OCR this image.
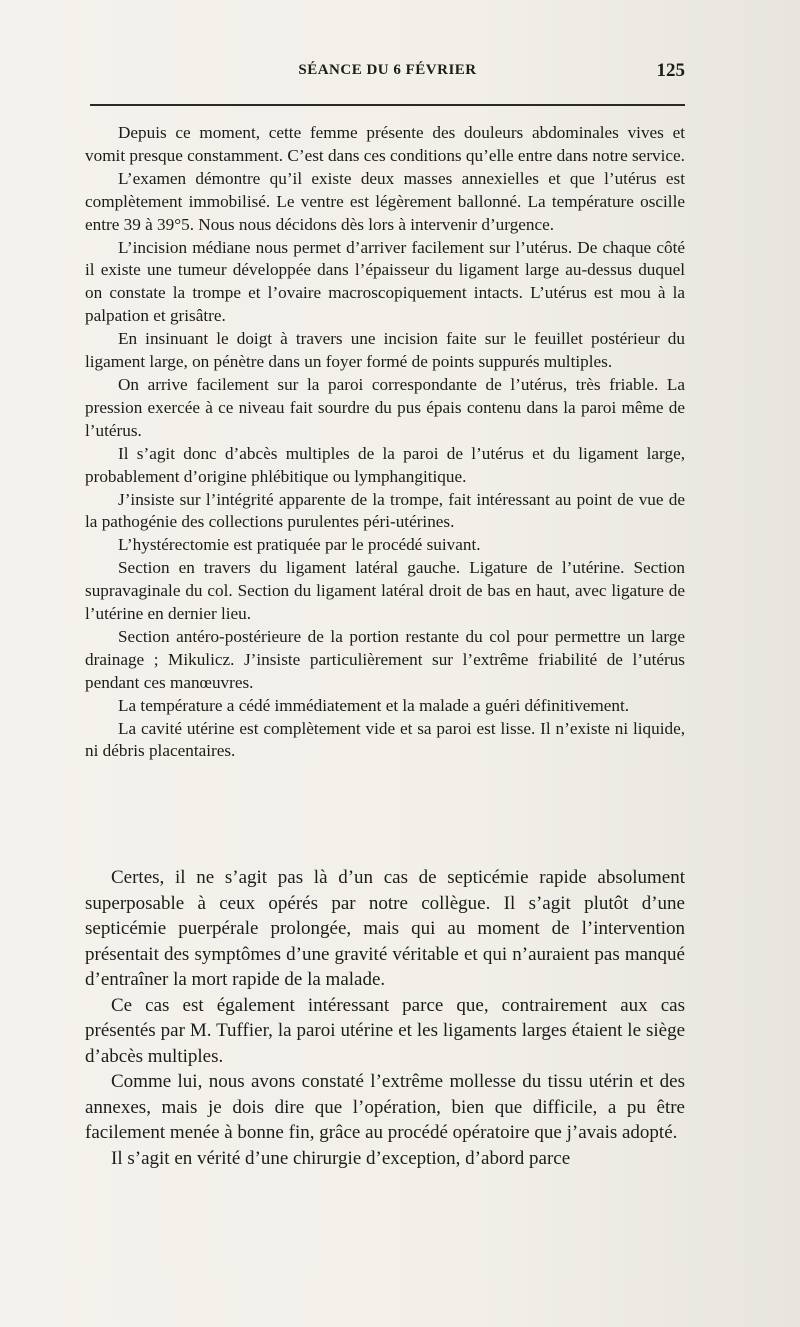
SÉANCE DU 6 FÉVRIER	125

Depuis ce moment, cette femme présente des douleurs abdominales vives et vomit presque constamment. C’est dans ces conditions qu’elle entre dans notre service.

L’examen démontre qu’il existe deux masses annexielles et que l’utérus est complètement immobilisé. Le ventre est légèrement ballonné. La température oscille entre 39 à 39°5. Nous nous décidons dès lors à intervenir d’urgence.

L’incision médiane nous permet d’arriver facilement sur l’utérus. De chaque côté il existe une tumeur développée dans l’épaisseur du ligament large au-dessus duquel on constate la trompe et l’ovaire macroscopiquement intacts. L’utérus est mou à la palpation et grisâtre.

En insinuant le doigt à travers une incision faite sur le feuillet postérieur du ligament large, on pénètre dans un foyer formé de points suppurés multiples.

On arrive facilement sur la paroi correspondante de l’utérus, très friable. La pression exercée à ce niveau fait sourdre du pus épais contenu dans la paroi même de l’utérus.

Il s’agit donc d’abcès multiples de la paroi de l’utérus et du ligament large, probablement d’origine phlébitique ou lymphangitique.

J’insiste sur l’intégrité apparente de la trompe, fait intéressant au point de vue de la pathogénie des collections purulentes péri-utérines.

L’hystérectomie est pratiquée par le procédé suivant.

Section en travers du ligament latéral gauche. Ligature de l’utérine. Section supravaginale du col. Section du ligament latéral droit de bas en haut, avec ligature de l’utérine en dernier lieu.

Section antéro-postérieure de la portion restante du col pour permettre un large drainage ; Mikulicz. J’insiste particulièrement sur l’extrême friabilité de l’utérus pendant ces manœuvres.

La température a cédé immédiatement et la malade a guéri définitivement.

La cavité utérine est complètement vide et sa paroi est lisse. Il n’existe ni liquide, ni débris placentaires.

Certes, il ne s’agit pas là d’un cas de septicémie rapide absolument superposable à ceux opérés par notre collègue. Il s’agit plutôt d’une septicémie puerpérale prolongée, mais qui au moment de l’intervention présentait des symptômes d’une gravité véritable et qui n’auraient pas manqué d’entraîner la mort rapide de la malade.

Ce cas est également intéressant parce que, contrairement aux cas présentés par M. Tuffier, la paroi utérine et les ligaments larges étaient le siège d’abcès multiples.

Comme lui, nous avons constaté l’extrême mollesse du tissu utérin et des annexes, mais je dois dire que l’opération, bien que difficile, a pu être facilement menée à bonne fin, grâce au procédé opératoire que j’avais adopté.

Il s’agit en vérité d’une chirurgie d’exception, d’abord parce
